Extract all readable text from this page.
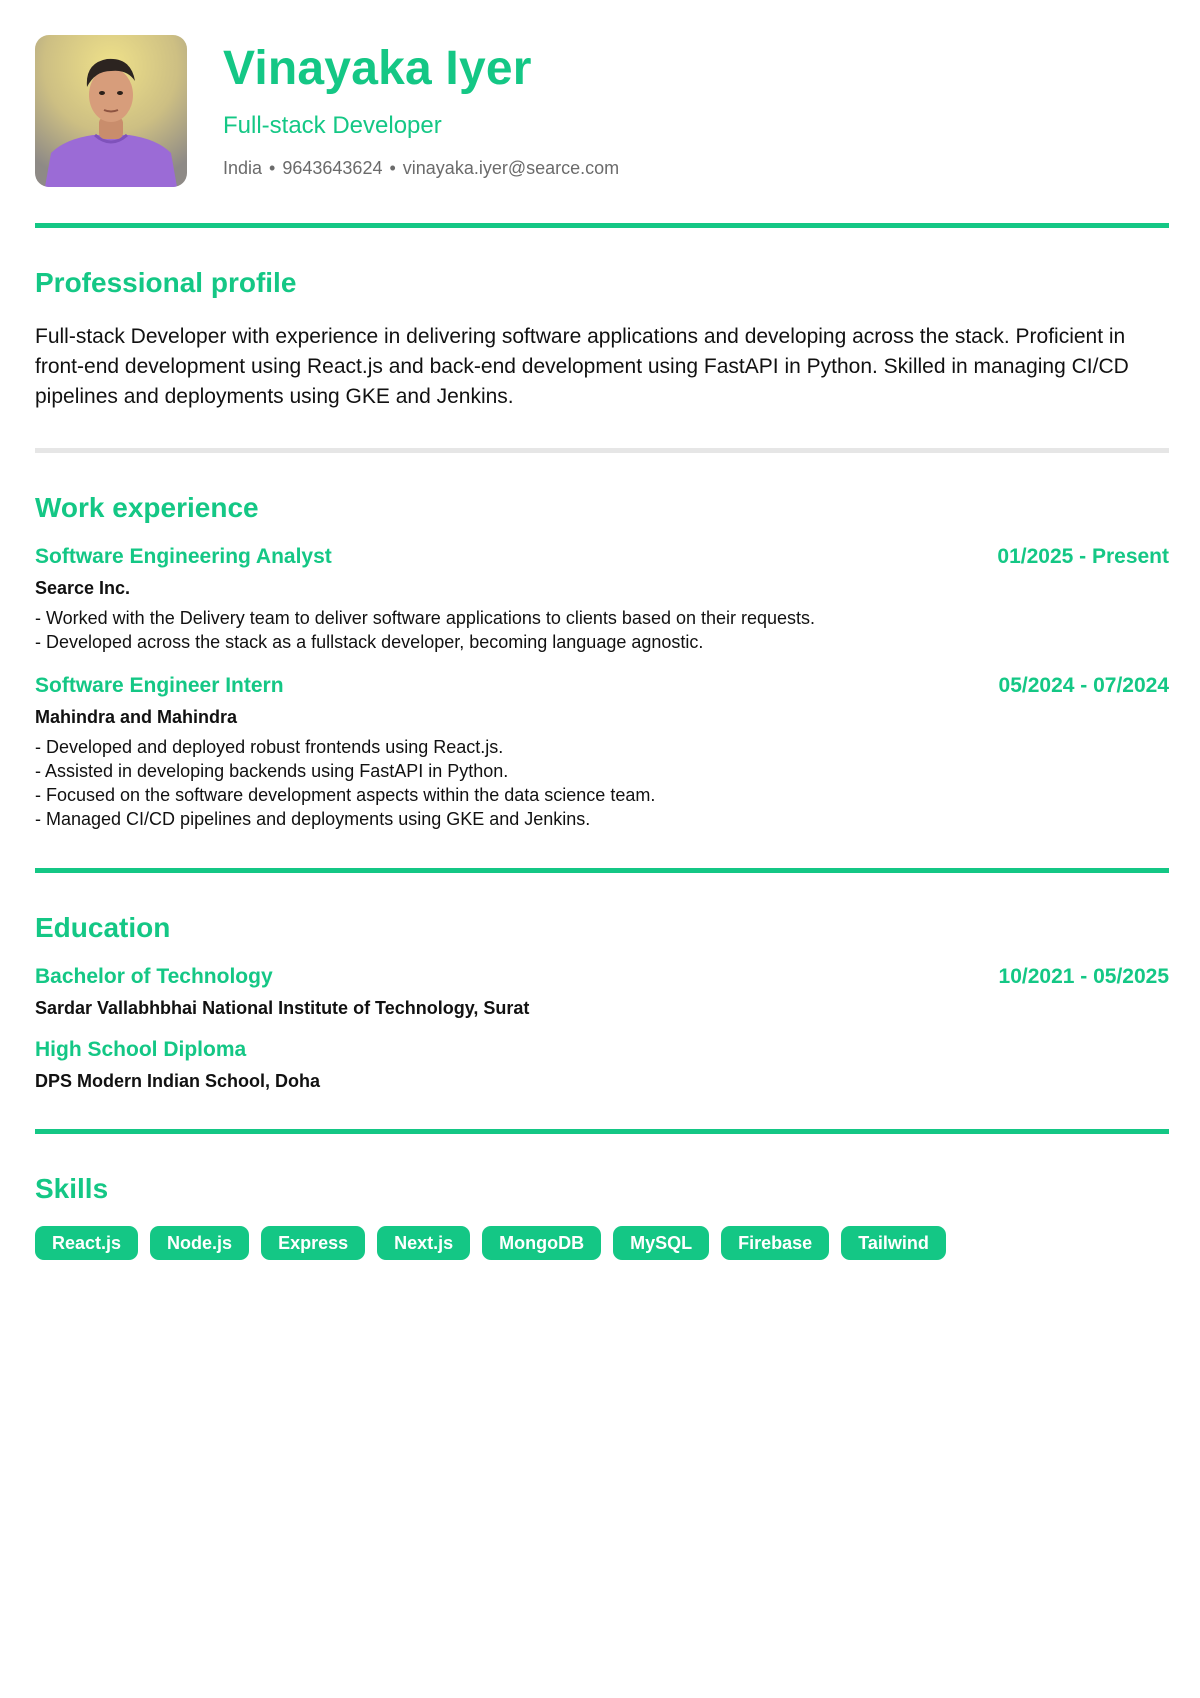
Vinayaka Iyer
Full-stack Developer
India • 9643643624 • vinayaka.iyer@searce.com
Professional profile
Full-stack Developer with experience in delivering software applications and developing across the stack. Proficient in front-end development using React.js and back-end development using FastAPI in Python. Skilled in managing CI/CD pipelines and deployments using GKE and Jenkins.
Work experience
Software Engineering Analyst	01/2025 - Present
Searce Inc.
- Worked with the Delivery team to deliver software applications to clients based on their requests.
- Developed across the stack as a fullstack developer, becoming language agnostic.
Software Engineer Intern	05/2024 - 07/2024
Mahindra and Mahindra
- Developed and deployed robust frontends using React.js.
- Assisted in developing backends using FastAPI in Python.
- Focused on the software development aspects within the data science team.
- Managed CI/CD pipelines and deployments using GKE and Jenkins.
Education
Bachelor of Technology	10/2021 - 05/2025
Sardar Vallabhbhai National Institute of Technology, Surat
High School Diploma
DPS Modern Indian School, Doha
Skills
React.js	Node.js	Express	Next.js	MongoDB	MySQL	Firebase	Tailwind
